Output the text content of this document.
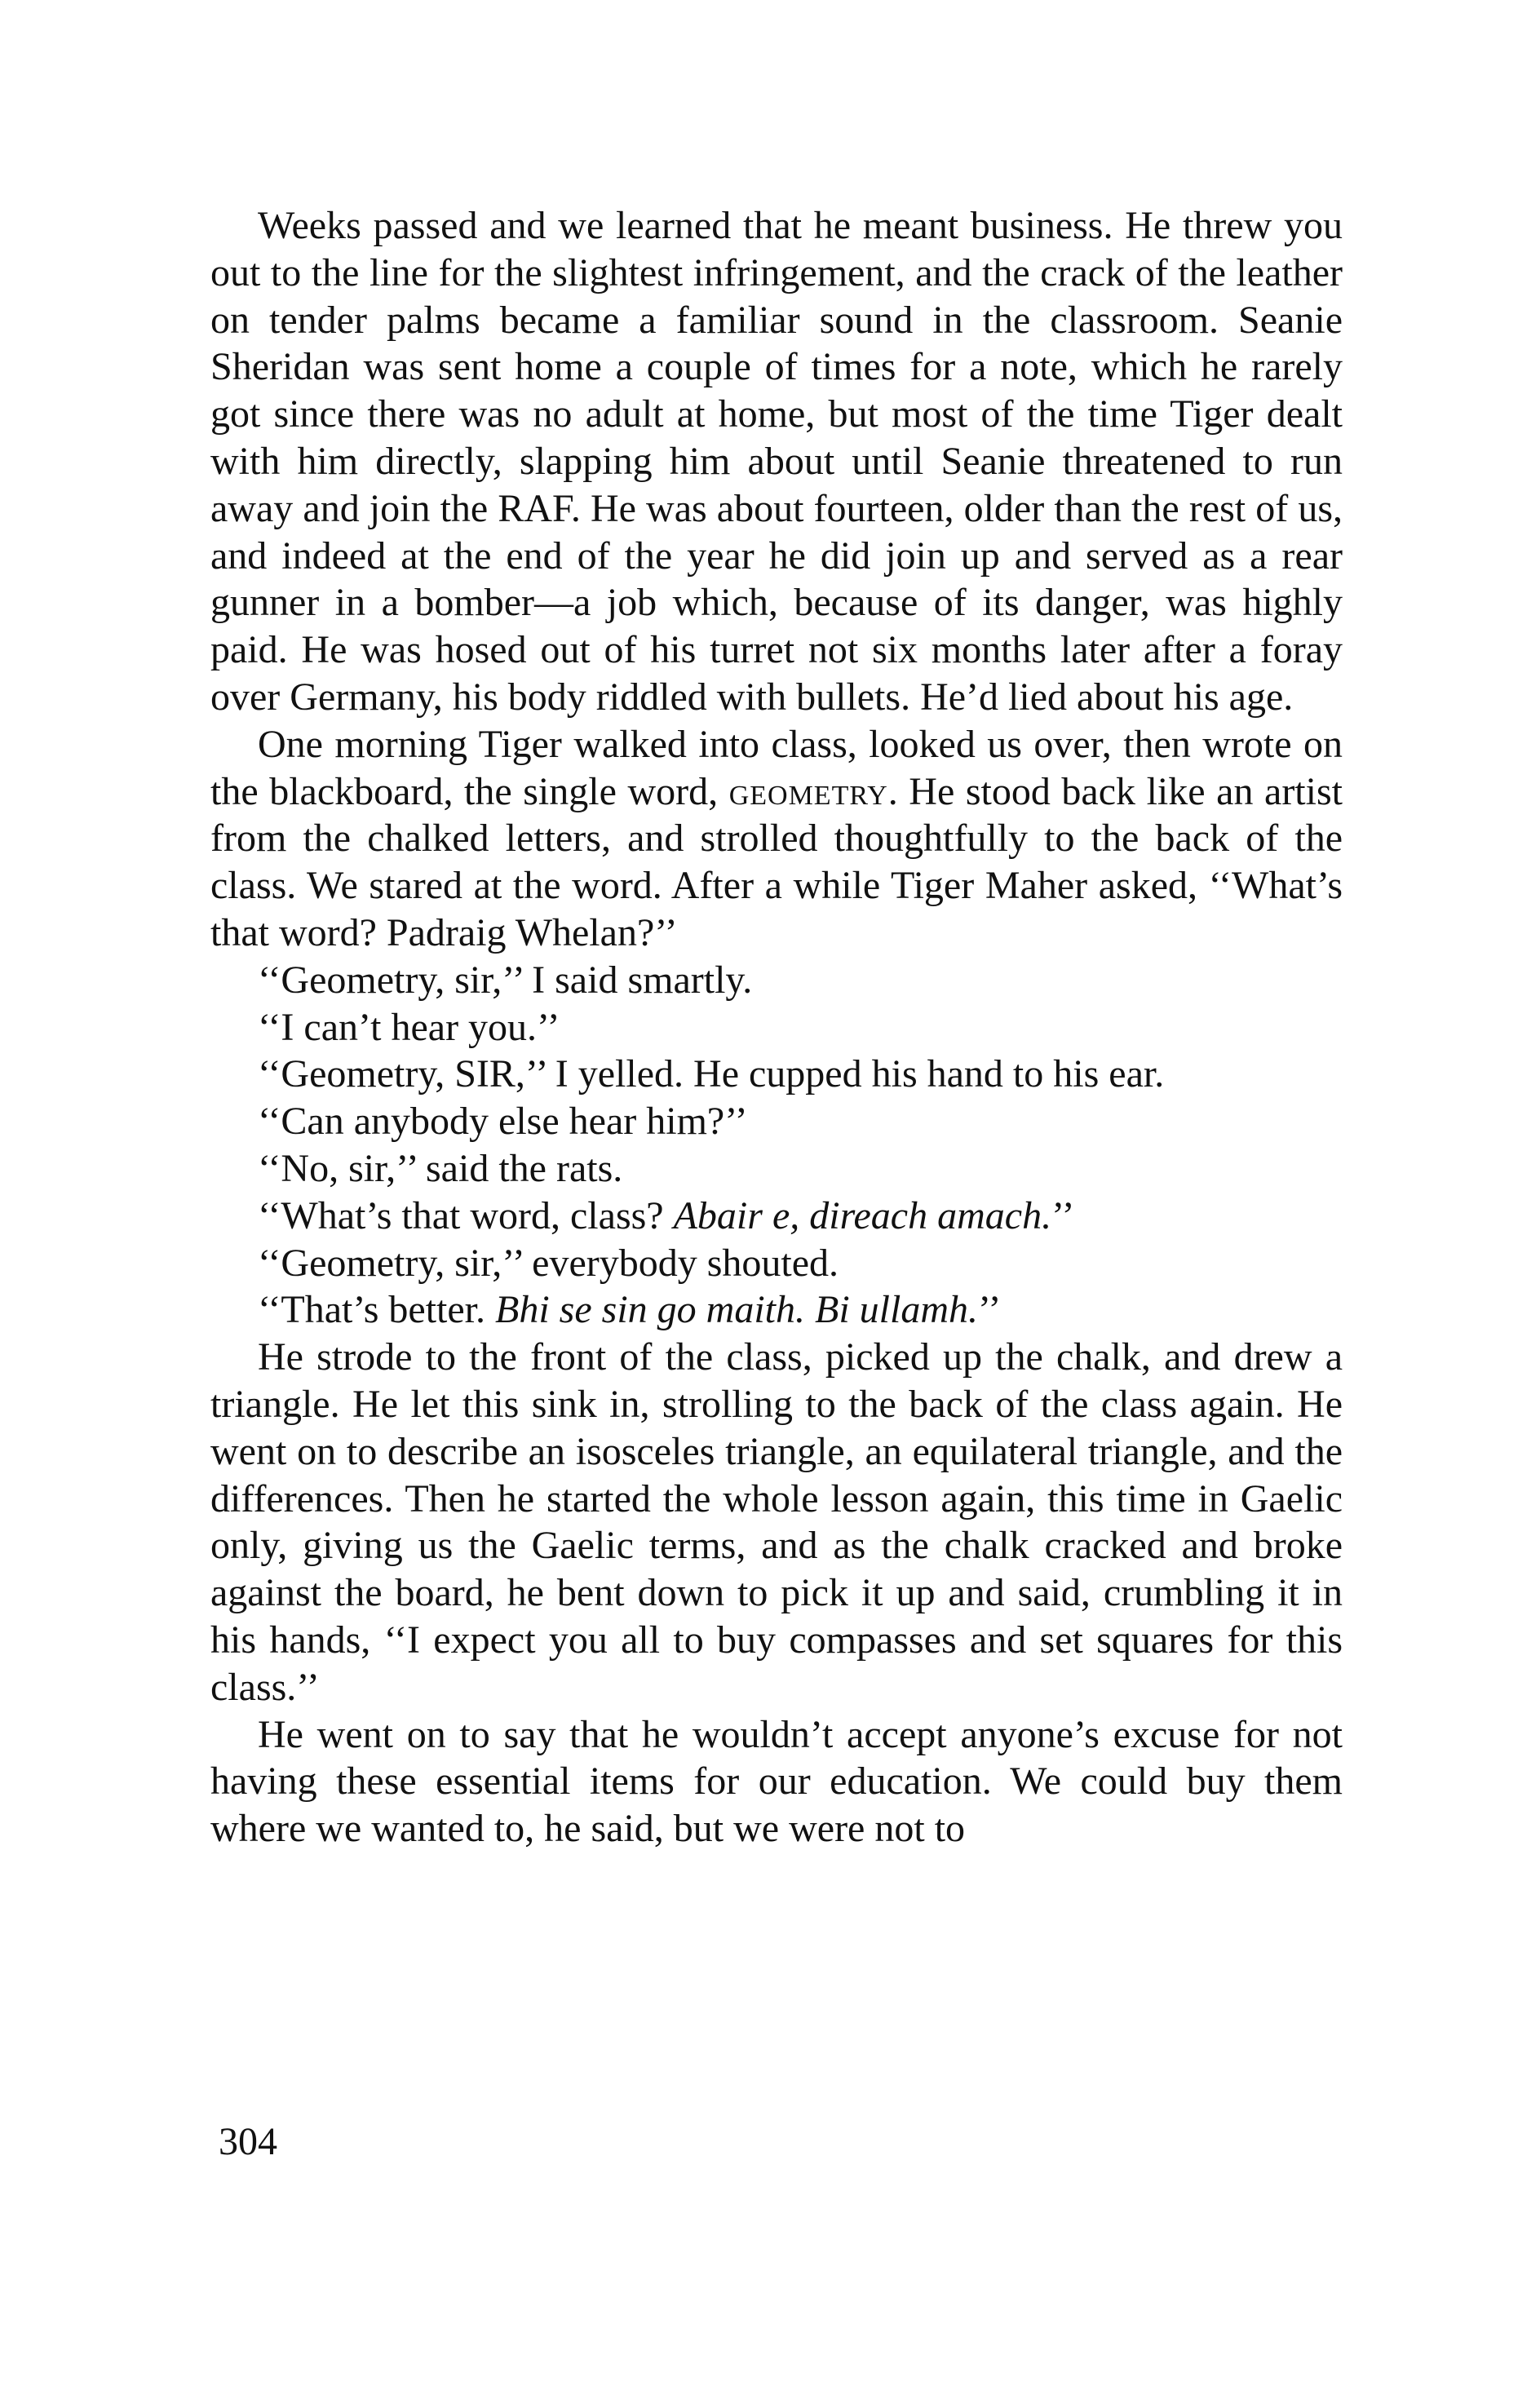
Weeks passed and we learned that he meant business. He threw you out to the line for the slightest infringement, and the crack of the leather on tender palms became a familiar sound in the classroom. Seanie Sheridan was sent home a couple of times for a note, which he rarely got since there was no adult at home, but most of the time Tiger dealt with him directly, slapping him about until Seanie threatened to run away and join the RAF. He was about fourteen, older than the rest of us, and indeed at the end of the year he did join up and served as a rear gunner in a bomber—a job which, because of its danger, was highly paid. He was hosed out of his turret not six months later after a foray over Germany, his body riddled with bullets. He’d lied about his age.

One morning Tiger walked into class, looked us over, then wrote on the blackboard, the single word, geometry. He stood back like an artist from the chalked letters, and strolled thoughtfully to the back of the class. We stared at the word. After a while Tiger Maher asked, ‘‘What’s that word? Padraig Whelan?’’

‘‘Geometry, sir,’’ I said smartly.

‘‘I can’t hear you.’’

‘‘Geometry, SIR,’’ I yelled. He cupped his hand to his ear.

‘‘Can anybody else hear him?’’

‘‘No, sir,’’ said the rats.

‘‘What’s that word, class? Abair e, direach amach.’’

‘‘Geometry, sir,’’ everybody shouted.

‘‘That’s better. Bhi se sin go maith. Bi ullamh.’’

He strode to the front of the class, picked up the chalk, and drew a triangle. He let this sink in, strolling to the back of the class again. He went on to describe an isosceles triangle, an equilateral triangle, and the differences. Then he started the whole lesson again, this time in Gaelic only, giving us the Gaelic terms, and as the chalk cracked and broke against the board, he bent down to pick it up and said, crumbling it in his hands, ‘‘I expect you all to buy compasses and set squares for this class.’’

He went on to say that he wouldn’t accept anyone’s excuse for not having these essential items for our education. We could buy them where we wanted to, he said, but we were not to

304
